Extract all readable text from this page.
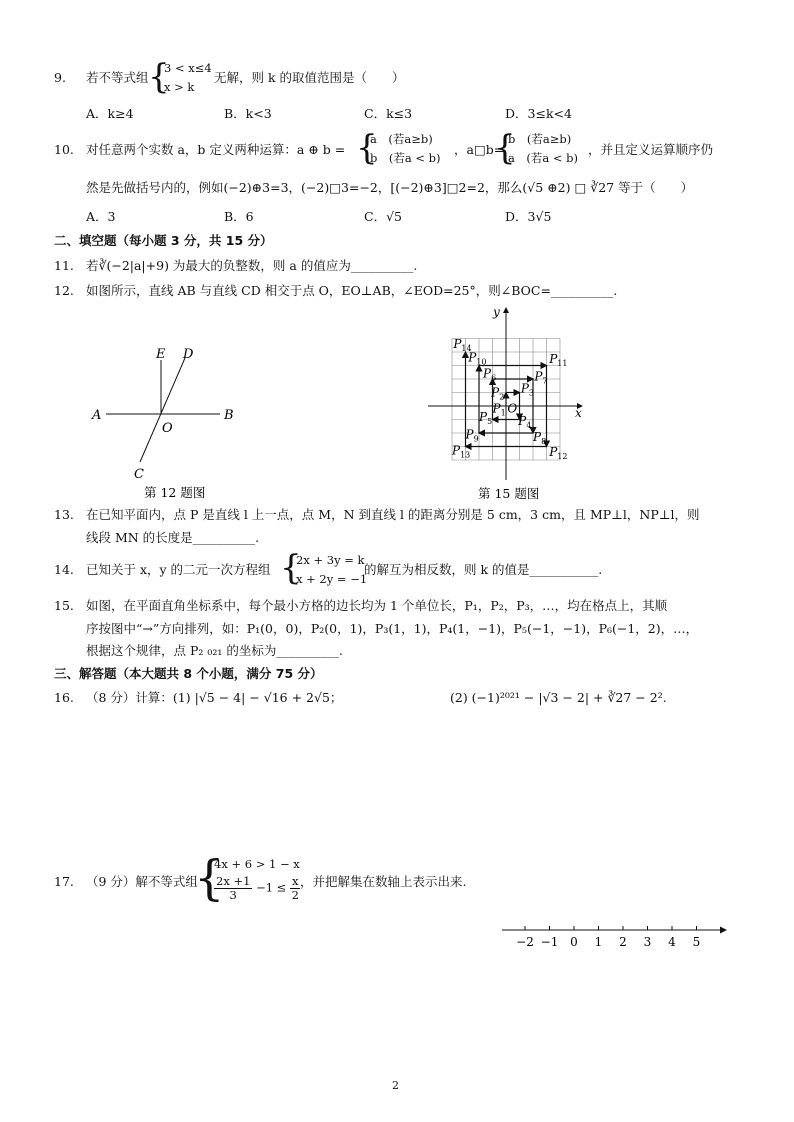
9. 若不等式组 {
3 < x≤4
x > k
无解，则 k 的取值范围是（　　）
A．k≥4	B．k<3	C．k≤3	D．3≤k<4
10. 对任意两个实数 a，b 定义两种运算：a ⊕ b = {
a　(若a≥b)
b　(若a < b)
，a□b=
{
b　(若a≥b)
a　(若a < b)
，并且定义运算顺序仍
然是先做括号内的，例如(−2)⊕3=3，(−2)□3=−2，[(−2)⊕3]□2=2，那么(√5 ⊕2) □ ∛27 等于（　　）
A．3	B．6	C．√5	D．3√5
二、填空题（每小题 3 分，共 15 分）
11. 若∛(−2|a|+9) 为最大的负整数，则 a 的值应为__________.
12. 如图所示，直线 AB 与直线 CD 相交于点 O，EO⊥AB，∠EOD=25°，则∠BOC=__________.
E D
A	B
O
C
第 12 题图
x
y
$P_{14}$
$P_{10}$	$P_{11}$
$P_6$	$P_7$
$P_2$
$P_3$
$P_1$ O
$P_5$ $P_4$
$P_9$	$P_8$
$P_{13}$	$P_{12}$
第 15 题图
13. 在已知平面内，点 P 是直线 l 上一点，点 M，N 到直线 l 的距离分别是 5 cm，3 cm，且 MP⊥l，NP⊥l，则
线段 MN 的长度是__________.
14. 已知关于 x，y 的二元一次方程组 {
2x + 3y = k
x + 2y = −1
的解互为相反数，则 k 的值是___________.
15. 如图，在平面直角坐标系中，每个最小方格的边长均为 1 个单位长，P₁，P₂，P₃，…，均在格点上，其顺
序按图中“→”方向排列，如：P₁(0，0)，P₂(0，1)，P₃(1，1)，P₄(1，−1)，P₅(−1，−1)，P₆(−1，2)，…，
根据这个规律，点 P₂ ₀₂₁ 的坐标为__________.
三、解答题（本大题共 8 个小题，满分 75 分）
16. （8 分）计算：(1) |√5 − 4| − √16 + 2√5；	(2) (−1)²⁰²¹ − |√3 − 2| + ∛27 − 2².
17. （9 分）解不等式组
{
4x + 6 > 1 − x
$\frac{2x +1}{3} -1 \le \frac{x}{2}$ ，并把解集在数轴上表示出来.
−2 −1 0 1 2 3 4 5
2
